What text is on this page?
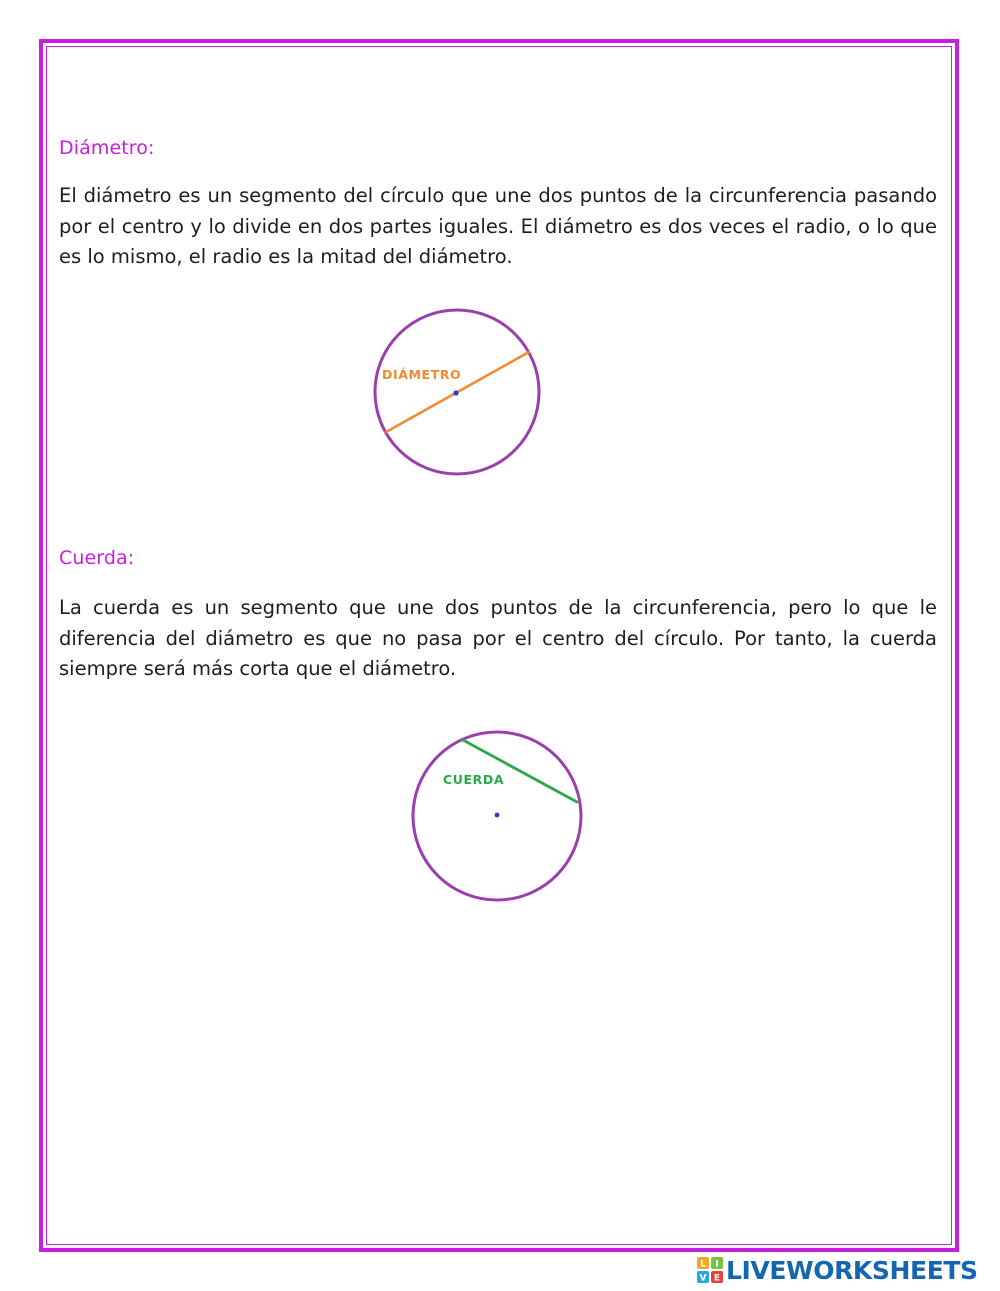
Diámetro:

El diámetro es un segmento del círculo que une dos puntos de la circunferencia pasando por el centro y lo divide en dos partes iguales. El diámetro es dos veces el radio, o lo que es lo mismo, el radio es la mitad del diámetro.

DIÁMETRO
Cuerda:

La cuerda es un segmento que une dos puntos de la circunferencia, pero lo que le diferencia del diámetro es que no pasa por el centro del círculo. Por tanto, la cuerda siempre será más corta que el diámetro.

CUERDA
L I
V E LIVEWORKSHEETS
